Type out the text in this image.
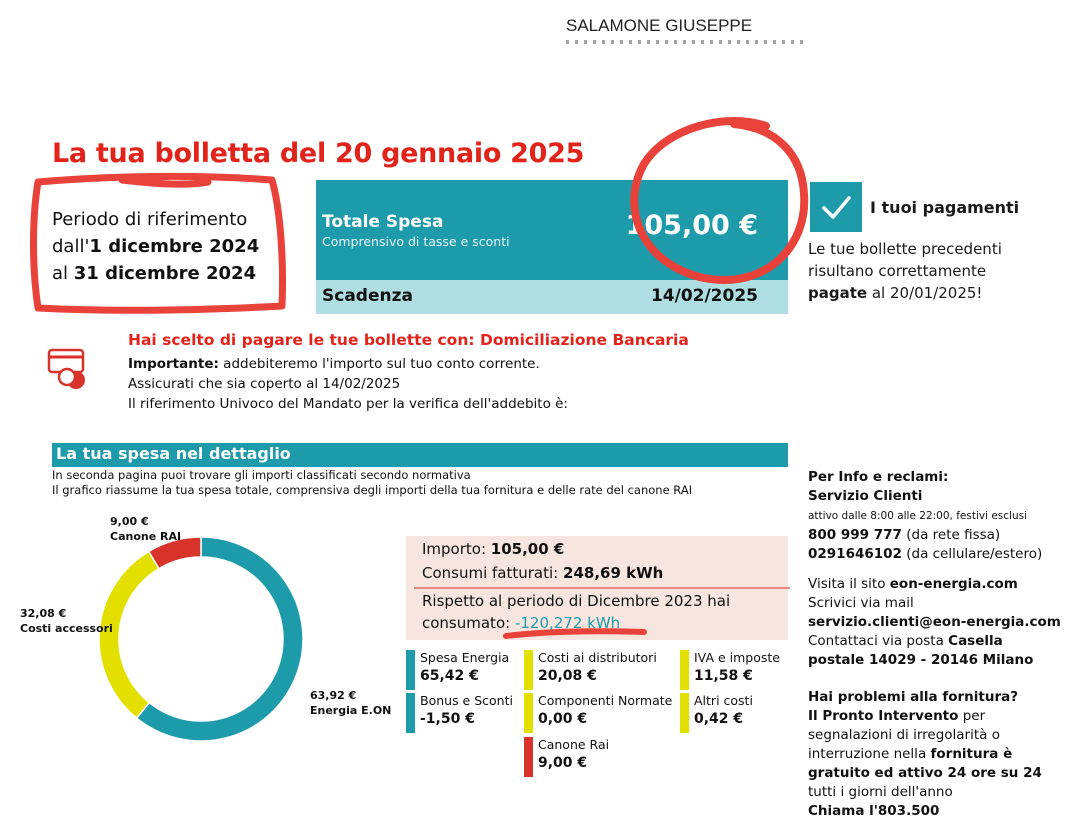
SALAMONE GIUSEPPE
La tua bolletta del 20 gennaio 2025
Periodo di riferimento
dall'1 dicembre 2024
al 31 dicembre 2024
Totale Spesa
Comprensivo di tasse e sconti
105,00 €
Scadenza	14/02/2025
I tuoi pagamenti
Le tue bollette precedenti risultano correttamente pagate al 20/01/2025!
Hai scelto di pagare le tue bollette con: Domiciliazione Bancaria
Importante: addebiteremo l'importo sul tuo conto corrente.
Assicurati che sia coperto al 14/02/2025
Il riferimento Univoco del Mandato per la verifica dell'addebito è:
La tua spesa nel dettaglio
In seconda pagina puoi trovare gli importi classificati secondo normativa
Il grafico riassume la tua spesa totale, comprensiva degli importi della tua fornitura e delle rate del canone RAI
9,00 €
Canone RAI
32,08 €
Costi accessori
63,92 €
Energia E.ON
Importo: 105,00 €
Consumi fatturati: 248,69 kWh
Rispetto al periodo di Dicembre 2023 hai
consumato: -120,272 kWh
Spesa Energia
65,42 €
Costi ai distributori
20,08 €
IVA e imposte
11,58 €
Bonus e Sconti
-1,50 €
Componenti Normate
0,00 €
Altri costi
0,42 €
Canone Rai
9,00 €
Per Info e reclami:
Servizio Clienti
attivo dalle 8:00 alle 22:00, festivi esclusi
800 999 777 (da rete fissa)
0291646102 (da cellulare/estero)
Visita il sito eon-energia.com
Scrivici via mail
servizio.clienti@eon-energia.com
Contattaci via posta Casella
postale 14029 - 20146 Milano
Hai problemi alla fornitura?
Il Pronto Intervento per
segnalazioni di irregolarità o
interruzione nella fornitura è
gratuito ed attivo 24 ore su 24
tutti i giorni dell'anno
Chiama l'803.500
